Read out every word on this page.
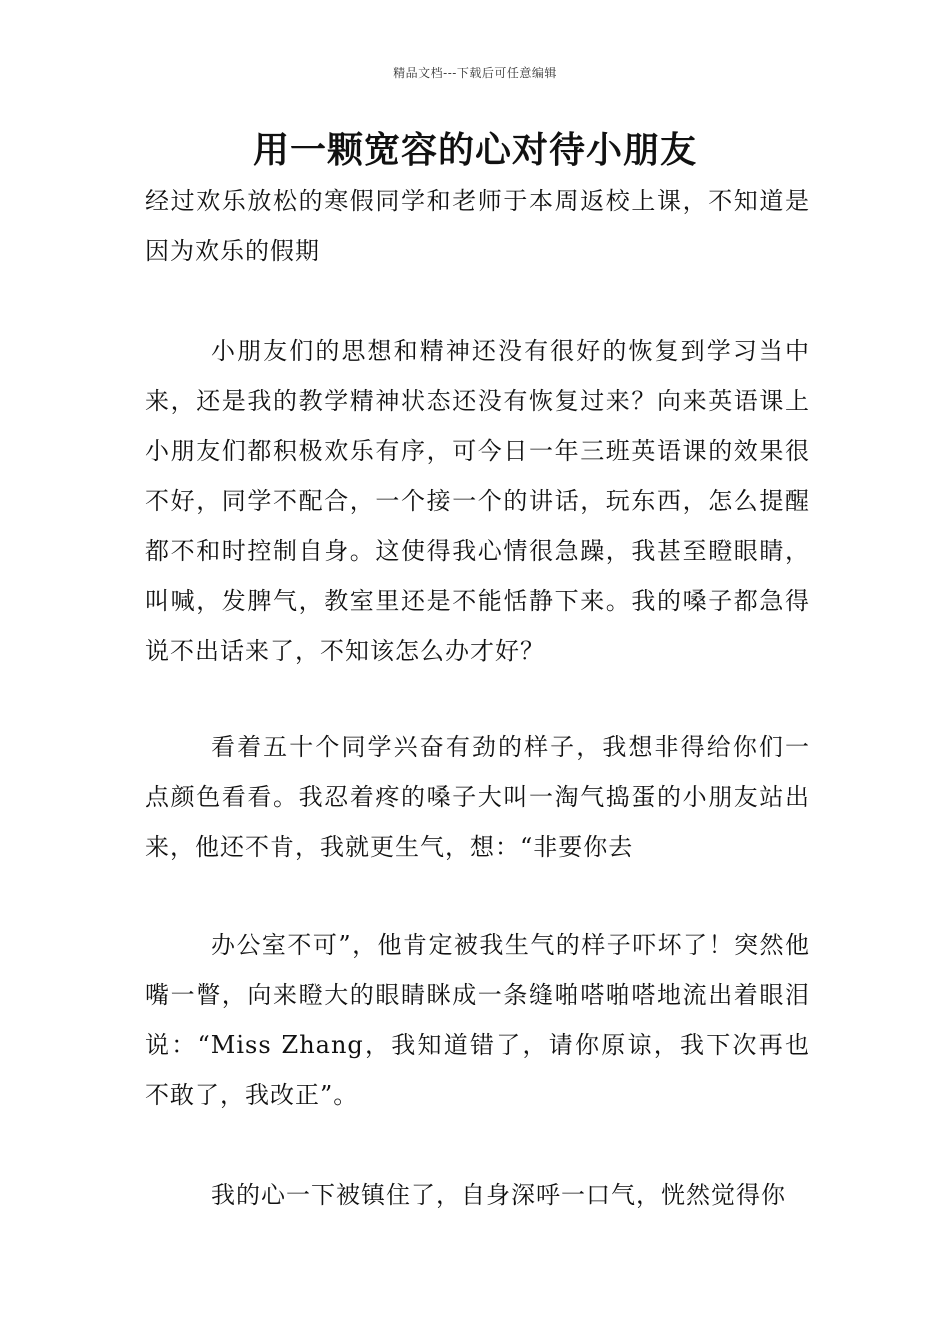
精品文档---下载后可任意编辑
用一颗宽容的心对待小朋友

经过欢乐放松的寒假同学和老师于本周返校上课，不知道是因为欢乐的假期

小朋友们的思想和精神还没有很好的恢复到学习当中来，还是我的教学精神状态还没有恢复过来？向来英语课上小朋友们都积极欢乐有序，可今日一年三班英语课的效果很不好，同学不配合，一个接一个的讲话，玩东西，怎么提醒都不和时控制自身。这使得我心情很急躁，我甚至瞪眼睛，叫喊，发脾气，教室里还是不能恬静下来。我的嗓子都急得说不出话来了，不知该怎么办才好？

看着五十个同学兴奋有劲的样子，我想非得给你们一点颜色看看。我忍着疼的嗓子大叫一淘气捣蛋的小朋友站出来，他还不肯，我就更生气，想：“非要你去

办公室不可”，他肯定被我生气的样子吓坏了！突然他嘴一瞥，向来瞪大的眼睛眯成一条缝啪嗒啪嗒地流出着眼泪说：“Miss Zhang，我知道错了，请你原谅，我下次再也不敢了，我改正”。

我的心一下被镇住了，自身深呼一口气，恍然觉得你
